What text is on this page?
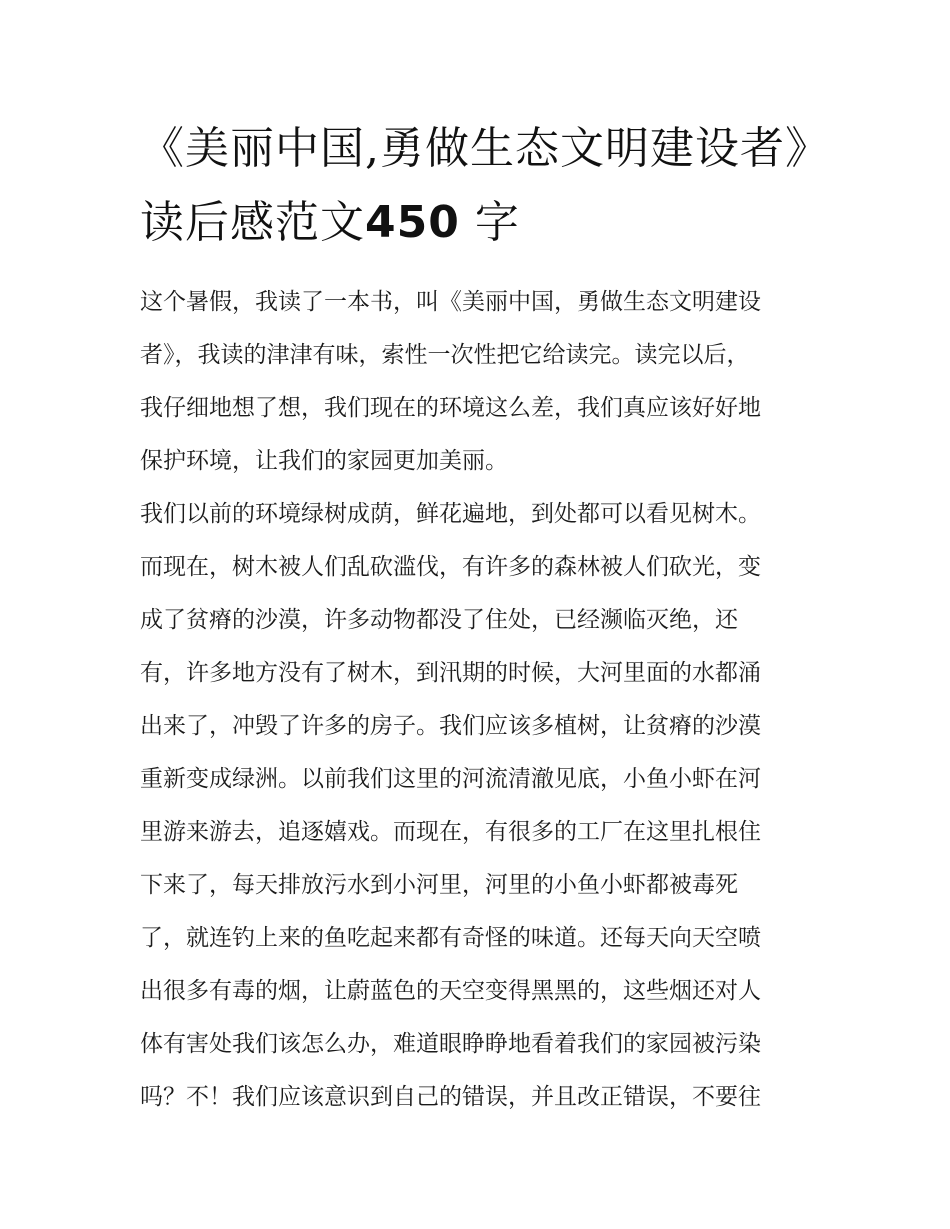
《美丽中国,勇做生态文明建设者》读后感范文450 字
这个暑假，我读了一本书，叫《美丽中国，勇做生态文明建设
者》，我读的津津有味，索性一次性把它给读完。读完以后，
我仔细地想了想，我们现在的环境这么差，我们真应该好好地
保护环境，让我们的家园更加美丽。
我们以前的环境绿树成荫，鲜花遍地，到处都可以看见树木。
而现在，树木被人们乱砍滥伐，有许多的森林被人们砍光，变
成了贫瘠的沙漠，许多动物都没了住处，已经濒临灭绝，还
有，许多地方没有了树木，到汛期的时候，大河里面的水都涌
出来了，冲毁了许多的房子。我们应该多植树，让贫瘠的沙漠
重新变成绿洲。以前我们这里的河流清澈见底，小鱼小虾在河
里游来游去，追逐嬉戏。而现在，有很多的工厂在这里扎根住
下来了，每天排放污水到小河里，河里的小鱼小虾都被毒死
了，就连钓上来的鱼吃起来都有奇怪的味道。还每天向天空喷
出很多有毒的烟，让蔚蓝色的天空变得黑黑的，这些烟还对人
体有害处我们该怎么办，难道眼睁睁地看着我们的家园被污染
吗？不！我们应该意识到自己的错误，并且改正错误，不要往
